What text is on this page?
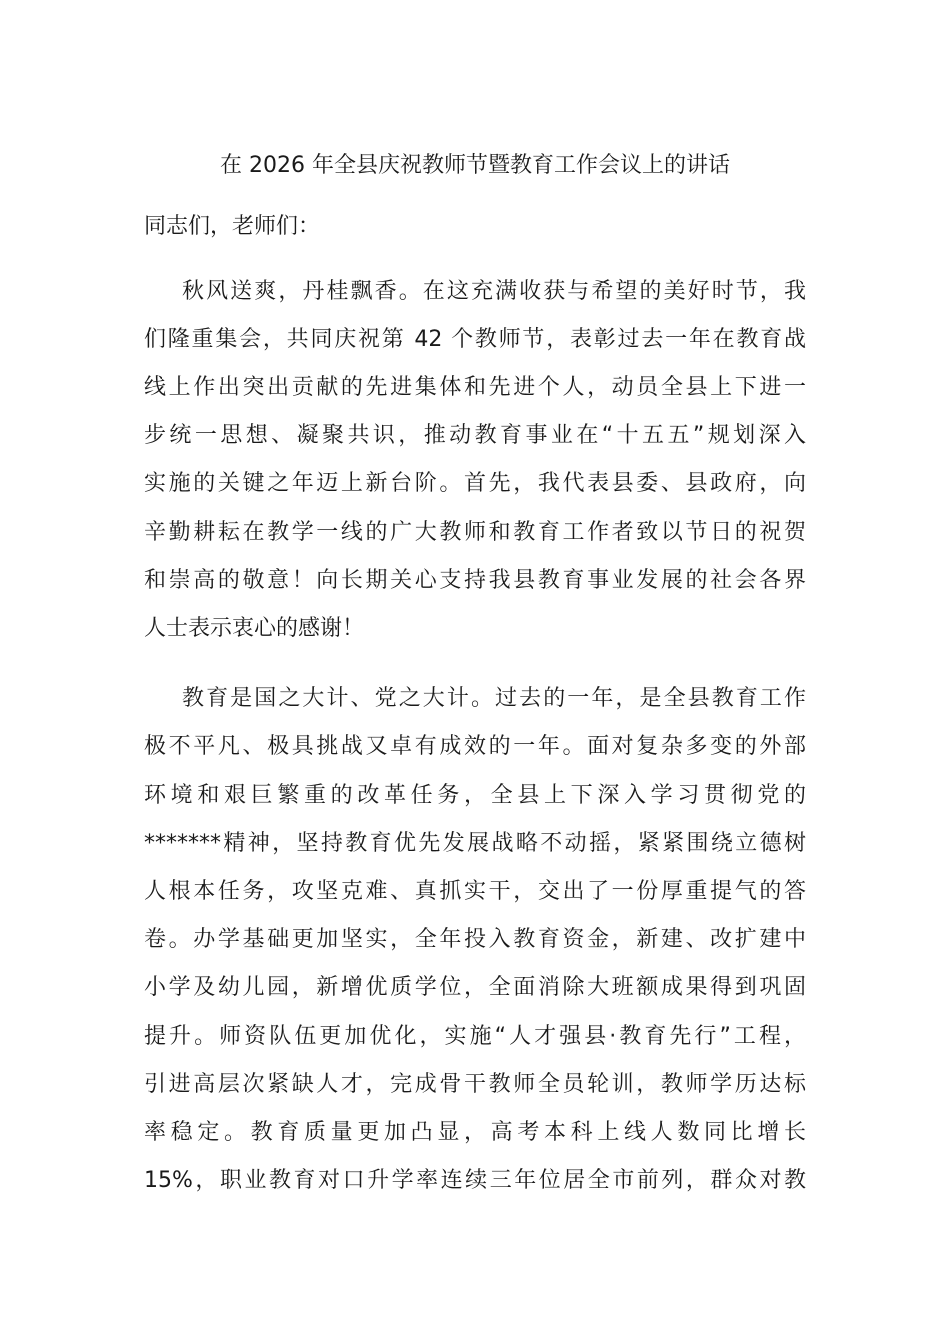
在 2026 年全县庆祝教师节暨教育工作会议上的讲话

同志们，老师们：

秋风送爽，丹桂飘香。在这充满收获与希望的美好时节，我

们隆重集会，共同庆祝第 42 个教师节，表彰过去一年在教育战

线上作出突出贡献的先进集体和先进个人，动员全县上下进一

步统一思想、凝聚共识，推动教育事业在“十五五”规划深入

实施的关键之年迈上新台阶。首先，我代表县委、县政府，向

辛勤耕耘在教学一线的广大教师和教育工作者致以节日的祝贺

和崇高的敬意！向长期关心支持我县教育事业发展的社会各界

人士表示衷心的感谢！

教育是国之大计、党之大计。过去的一年，是全县教育工作

极不平凡、极具挑战又卓有成效的一年。面对复杂多变的外部

环境和艰巨繁重的改革任务，全县上下深入学习贯彻党的

*******精神，坚持教育优先发展战略不动摇，紧紧围绕立德树

人根本任务，攻坚克难、真抓实干，交出了一份厚重提气的答

卷。办学基础更加坚实，全年投入教育资金，新建、改扩建中

小学及幼儿园，新增优质学位，全面消除大班额成果得到巩固

提升。师资队伍更加优化，实施“人才强县·教育先行”工程，

引进高层次紧缺人才，完成骨干教师全员轮训，教师学历达标

率稳定。教育质量更加凸显，高考本科上线人数同比增长

15%，职业教育对口升学率连续三年位居全市前列，群众对教
